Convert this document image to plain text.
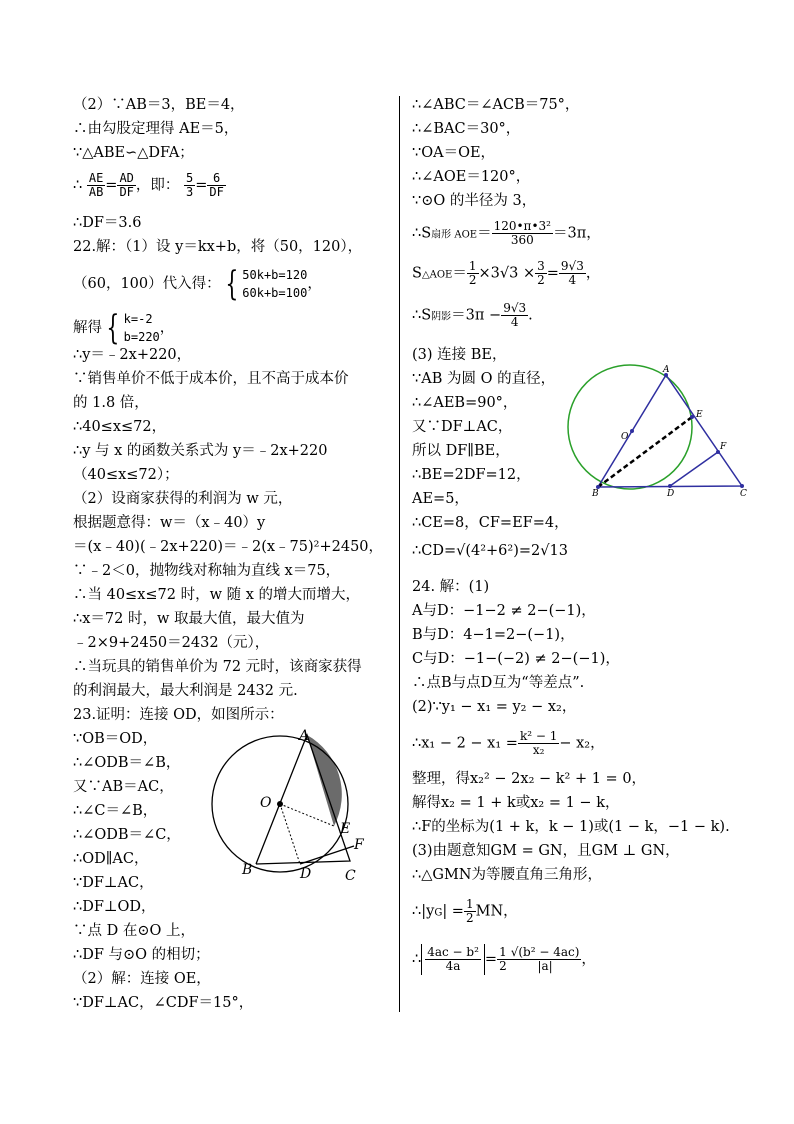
（2）∵AB＝3，BE＝4，
∴由勾股定理得 AE＝5，
∵△ABE∽△DFA；
∴ $\frac{AE}{AB} = \frac{AD}{DF}$ ，即： $\frac{5}{3} = \frac{6}{DF}$
∴DF＝3.6
22.解：（1）设 y＝kx+b，将（50，120），
（60，100）代入得： { 50k+b=120
60k+b=100
，
解得 { k=-2
b=220
，
∴y＝﹣2x+220，
∵销售单价不低于成本价，且不高于成本价
的 1.8 倍，
∴40≤x≤72，
∴y 与 x 的函数关系式为 y＝﹣2x+220
（40≤x≤72）；
（2）设商家获得的利润为 w 元，
根据题意得：w＝（x﹣40）y
＝(x﹣40)(﹣2x+220)＝﹣2(x﹣75)²+2450，
∵﹣2＜0，抛物线对称轴为直线 x＝75，
∴当 40≤x≤72 时，w 随 x 的增大而增大，
∴x＝72 时，w 取最大值，最大值为
﹣2×9+2450＝2432（元），
∴当玩具的销售单价为 72 元时，该商家获得
的利润最大，最大利润是 2432 元.
23.证明：连接 OD，如图所示：
∵OB＝OD，
∴∠ODB＝∠B，
又∵AB＝AC，
∴∠C＝∠B，
∴∠ODB＝∠C，
∴OD∥AC，
∵DF⊥AC，
∴DF⊥OD，
∵点 D 在⊙O 上，
∴DF 与⊙O 的相切；
（2）解：连接 OE，
∵DF⊥AC，∠CDF＝15°，
A
O
E
F
B	D C
∴∠ABC＝∠ACB＝75°，
∴∠BAC＝30°，
∵OA＝OE，
∴∠AOE＝120°，
∵⊙O 的半径为 3，
∴S扇形 $AOE= \frac{\text{120•π•3²}}{360} =3\pi$，
S△AOE＝ $\frac{1}{2} \times 3√3 \times \frac{3}{2} = \frac{9√3}{4}$ ，
∴S阴影$=3\pi - \frac{9√3}{4}$ .
(3) 连接 BE，
∵AB 为圆 O 的直径，
∴∠AEB=90°，
又∵DF⊥AC，
所以 DF∥BE，
∴BE=2DF=12，
AE=5，
∴CE=8，CF=EF=4，
∴CD=√(4²+6²)=2√13
24. 解：(1)
A与D：−1−2 ≠ 2−(−1)，
B与D：4−1=2−(−1)，
C与D：−1−(−2) ≠ 2−(−1)，
∴点B与点D互为“等差点”.
(2)∵y₁ − x₁ = y₂ − x₂，
∴x₁ − $2 - x_1 = \frac{\text{k² − 1}}{\text{x₂}} - x_2$，
整理，得x₂² − 2x₂ − k² + 1 = 0，
解得x₂ = 1 + k或x₂ = 1 − k，
∴F的坐标为(1 + k，k − 1)或(1 − k，−1 − k).
(3)由题意知GM = GN，且GM ⊥ GN，
∴△GMN为等腰直角三角形，
∴|yG| = $\frac{1}{2}$ MN，
∴ $\frac{\text{4ac − b²}}{4a} = \frac{1}{2} \frac{\text{√(b² − 4ac)}}{|a|}$ ，
A
E
O
F
B	D	C
